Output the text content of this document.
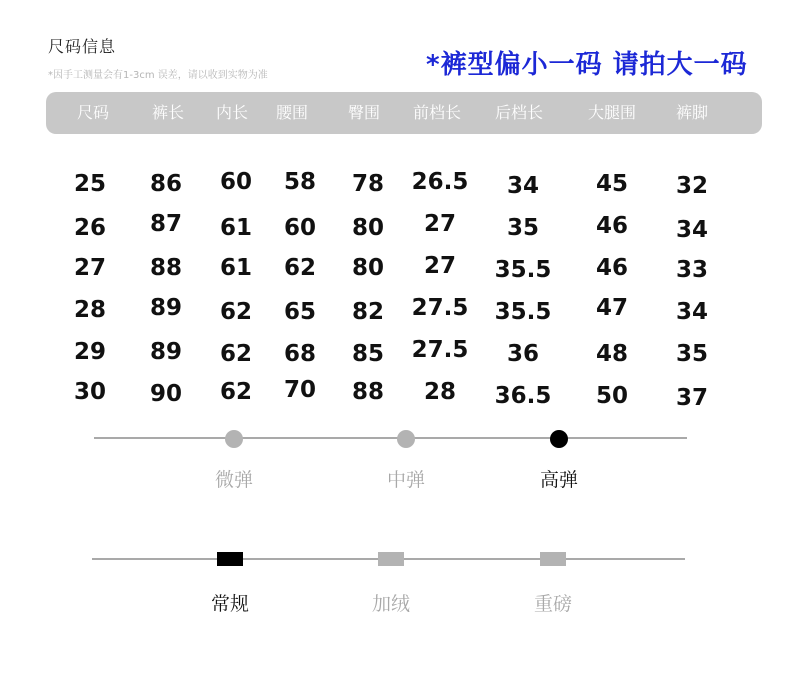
尺码信息
*因手工测量会有1-3cm 误差，请以收到实物为准	*裤型偏小一码 请拍大一码
尺码	裤长 内长 腰围 臀围 前档长 后档长	大腿围 裤脚
25 86 60 58 78 26.5 34 45 32
26 87 61 60 80 27 35 46 34
27 88 61 62 80 27 35.5 46 33
28 89 62 65 82 27.5 35.5 47 34
29 89 62 68 85 27.5 36 48 35
30 90 62 70 88 28 36.5 50 37
微弹	中弹	高弹
常规	加绒	重磅
